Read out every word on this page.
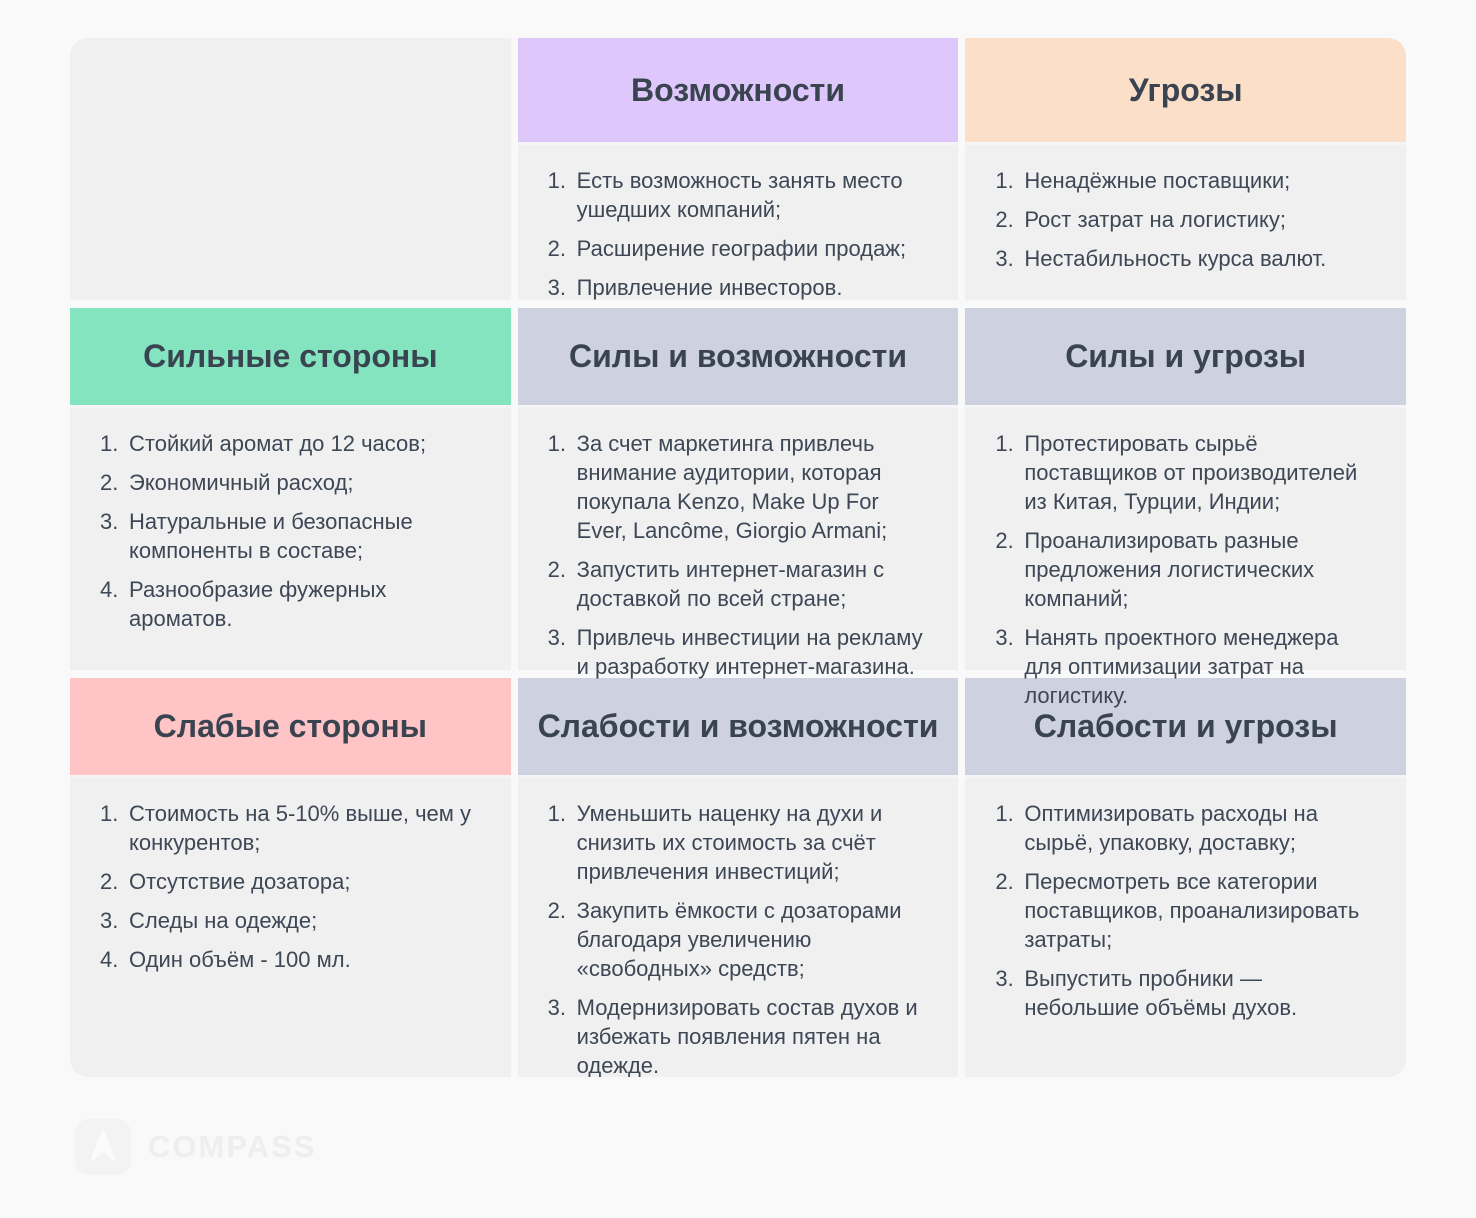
Возможности
Есть возможность занять место ушедших компаний;
Расширение географии продаж;
Привлечение инвесторов.
Угрозы
Ненадёжные поставщики;
Рост затрат на логистику;
Нестабильность курса валют.
Сильные стороны
Стойкий аромат до 12 часов;
Экономичный расход;
Натуральные и безопасные компоненты в составе;
Разнообразие фужерных ароматов.
Силы и возможности
За счет маркетинга привлечь внимание аудитории, которая покупала Kenzo, Make Up For Ever, Lancôme, Giorgio Armani;
Запустить интернет-магазин с доставкой по всей стране;
Привлечь инвестиции на рекламу и разработку интернет-магазина.
Силы и угрозы
Протестировать сырьё поставщиков от производителей из Китая, Турции, Индии;
Проанализировать разные предложения логистических компаний;
Нанять проектного менеджера для оптимизации затрат на логистику.
Слабые стороны
Стоимость на 5-10% выше, чем у конкурентов;
Отсутствие дозатора;
Следы на одежде;
Один объём - 100 мл.
Слабости и возможности
Уменьшить наценку на духи и снизить их стоимость за счёт привлечения инвестиций;
Закупить ёмкости с дозаторами благодаря увеличению «свободных» средств;
Модернизировать состав духов и избежать появления пятен на одежде.
Слабости и угрозы
Оптимизировать расходы на сырьё, упаковку, доставку;
Пересмотреть все категории поставщиков, проанализировать затраты;
Выпустить пробники — небольшие объёмы духов.
COMPASS
